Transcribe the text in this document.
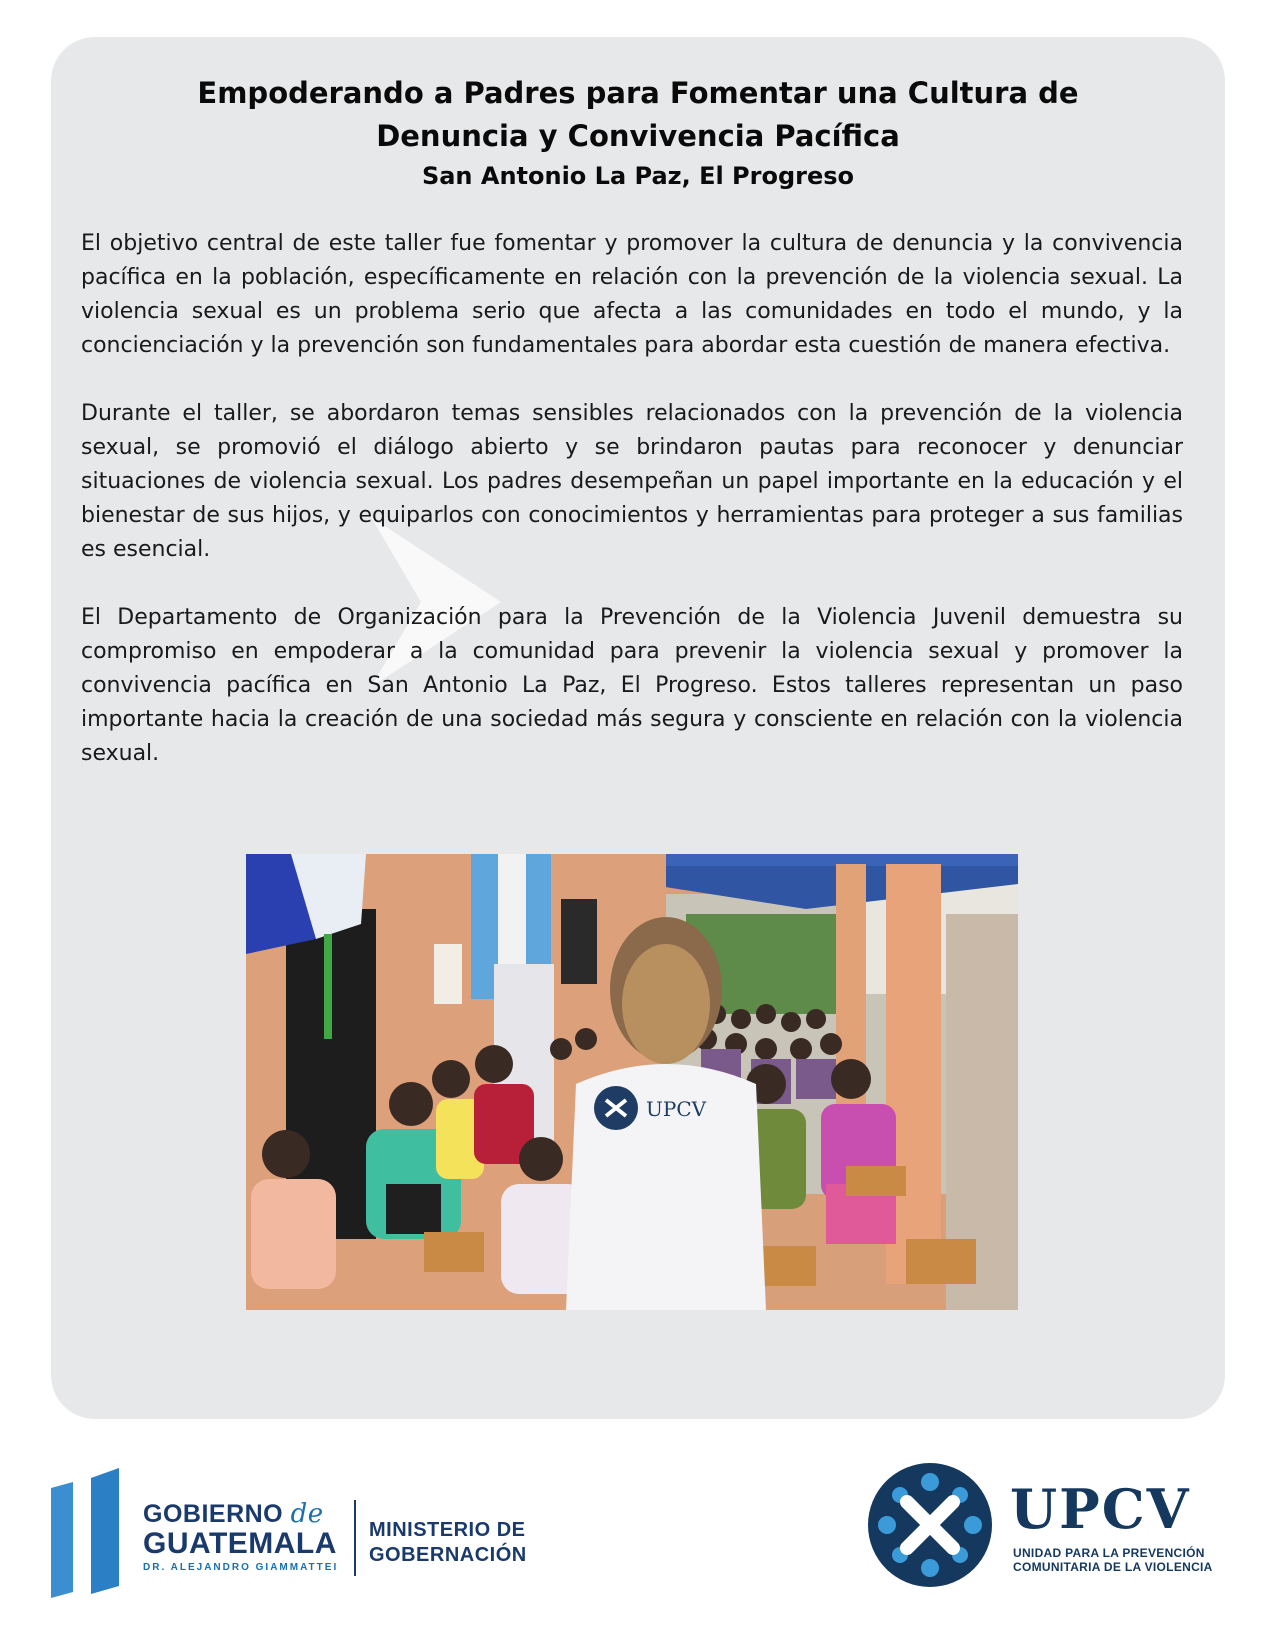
Empoderando a Padres para Fomentar una Cultura de
Denuncia y Convivencia Pacífica
San Antonio La Paz, El Progreso

El objetivo central de este taller fue fomentar y promover la cultura de denuncia y la convivencia pacífica en la población, específicamente en relación con la prevención de la violencia sexual. La violencia sexual es un problema serio que afecta a las comunidades en todo el mundo, y la concienciación y la prevención son fundamentales para abordar esta cuestión de manera efectiva.

Durante el taller, se abordaron temas sensibles relacionados con la prevención de la violencia sexual, se promovió el diálogo abierto y se brindaron pautas para reconocer y denunciar situaciones de violencia sexual. Los padres desempeñan un papel importante en la educación y el bienestar de sus hijos, y equiparlos con conocimientos y herramientas para proteger a sus familias es esencial.

El Departamento de Organización para la Prevención de la Violencia Juvenil demuestra su compromiso en empoderar a la comunidad para prevenir la violencia sexual y promover la convivencia pacífica en San Antonio La Paz, El Progreso. Estos talleres representan un paso importante hacia la creación de una sociedad más segura y consciente en relación con la violencia sexual.

UPCV
GOBIERNO de
GUATEMALA
DR. ALEJANDRO GIAMMATTEI
MINISTERIO DE
GOBERNACIÓN
UPCV
UNIDAD PARA LA PREVENCIÓN
COMUNITARIA DE LA VIOLENCIA
